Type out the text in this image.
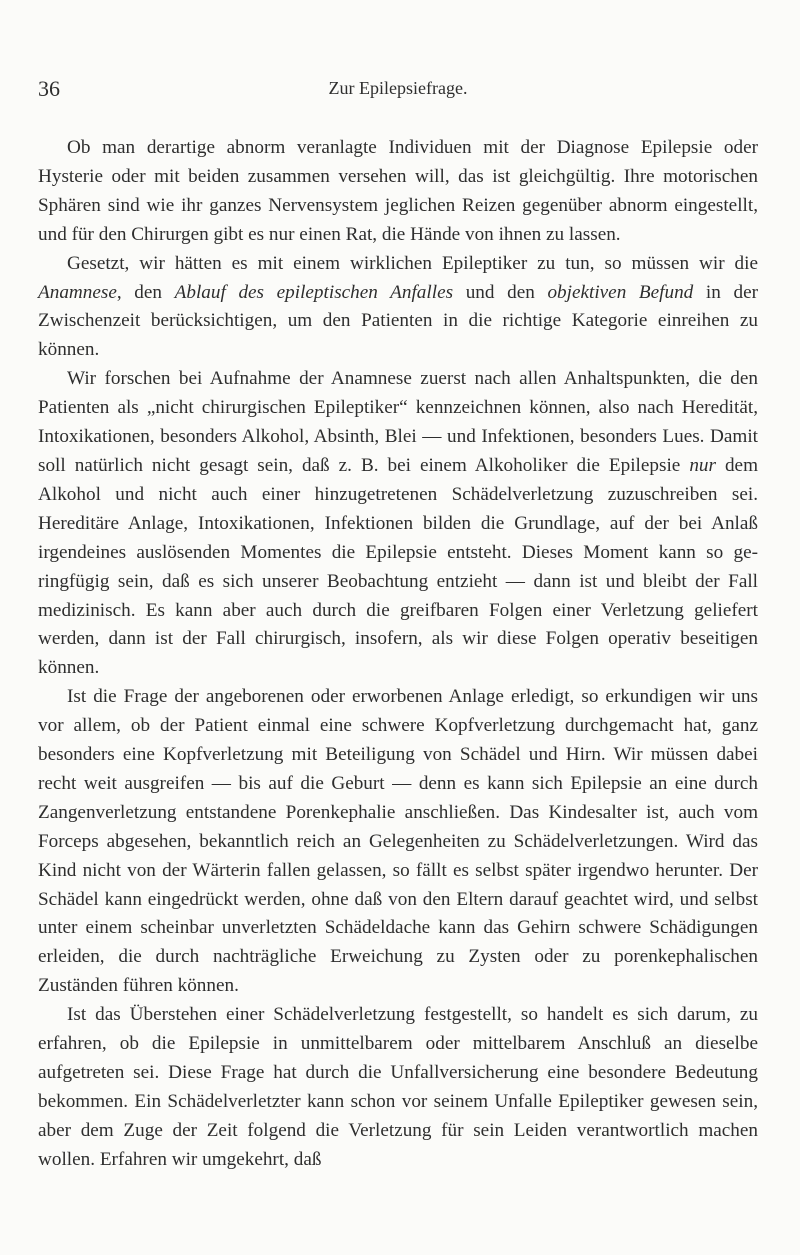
36	Zur Epilepsiefrage.

Ob man derartige abnorm veranlagte Individuen mit der Diagnose Epilepsie oder Hysterie oder mit beiden zusammen versehen will, das ist gleichgültig. Ihre motorischen Sphären sind wie ihr ganzes Nervensystem jeglichen Reizen gegenüber abnorm eingestellt, und für den Chirurgen gibt es nur einen Rat, die Hände von ihnen zu lassen.

Gesetzt, wir hätten es mit einem wirklichen Epileptiker zu tun, so müssen wir die Anamnese, den Ablauf des epileptischen Anfalles und den objektiven Befund in der Zwischenzeit berücksichtigen, um den Patienten in die richtige Kategorie einreihen zu können.

Wir forschen bei Aufnahme der Anamnese zuerst nach allen Anhaltspunkten, die den Patienten als „nicht chirurgischen Epileptiker“ kennzeichnen können, also nach Heredität, Intoxikationen, besonders Alkohol, Absinth, Blei — und Infektionen, besonders Lues. Damit soll natürlich nicht gesagt sein, daß z. B. bei einem Alkoholiker die Epilepsie nur dem Alkohol und nicht auch einer hinzugetretenen Schädelverletzung zuzuschreiben sei. Hereditäre Anlage, Intoxikationen, Infektionen bilden die Grundlage, auf der bei Anlaß irgendeines auslösenden Momentes die Epilepsie entsteht. Dieses Moment kann so geringfügig sein, daß es sich unserer Beobachtung entzieht — dann ist und bleibt der Fall medizinisch. Es kann aber auch durch die greifbaren Folgen einer Verletzung geliefert werden, dann ist der Fall chirurgisch, insofern, als wir diese Folgen operativ beseitigen können.

Ist die Frage der angeborenen oder erworbenen Anlage erledigt, so erkundigen wir uns vor allem, ob der Patient einmal eine schwere Kopfverletzung durchgemacht hat, ganz besonders eine Kopfverletzung mit Beteiligung von Schädel und Hirn. Wir müssen dabei recht weit ausgreifen — bis auf die Geburt — denn es kann sich Epilepsie an eine durch Zangenverletzung entstandene Porenkephalie anschließen. Das Kindesalter ist, auch vom Forceps abgesehen, bekanntlich reich an Gelegenheiten zu Schädelverletzungen. Wird das Kind nicht von der Wärterin fallen gelassen, so fällt es selbst später irgendwo herunter. Der Schädel kann eingedrückt werden, ohne daß von den Eltern darauf geachtet wird, und selbst unter einem scheinbar unverletzten Schädeldache kann das Gehirn schwere Schädigungen erleiden, die durch nachträgliche Erweichung zu Zysten oder zu porenkephalischen Zuständen führen können.

Ist das Überstehen einer Schädelverletzung festgestellt, so handelt es sich darum, zu erfahren, ob die Epilepsie in unmittelbarem oder mittelbarem Anschluß an dieselbe aufgetreten sei. Diese Frage hat durch die Unfallversicherung eine besondere Bedeutung bekommen. Ein Schädelverletzter kann schon vor seinem Unfalle Epileptiker gewesen sein, aber dem Zuge der Zeit folgend die Verletzung für sein Leiden verantwortlich machen wollen. Erfahren wir umgekehrt, daß
